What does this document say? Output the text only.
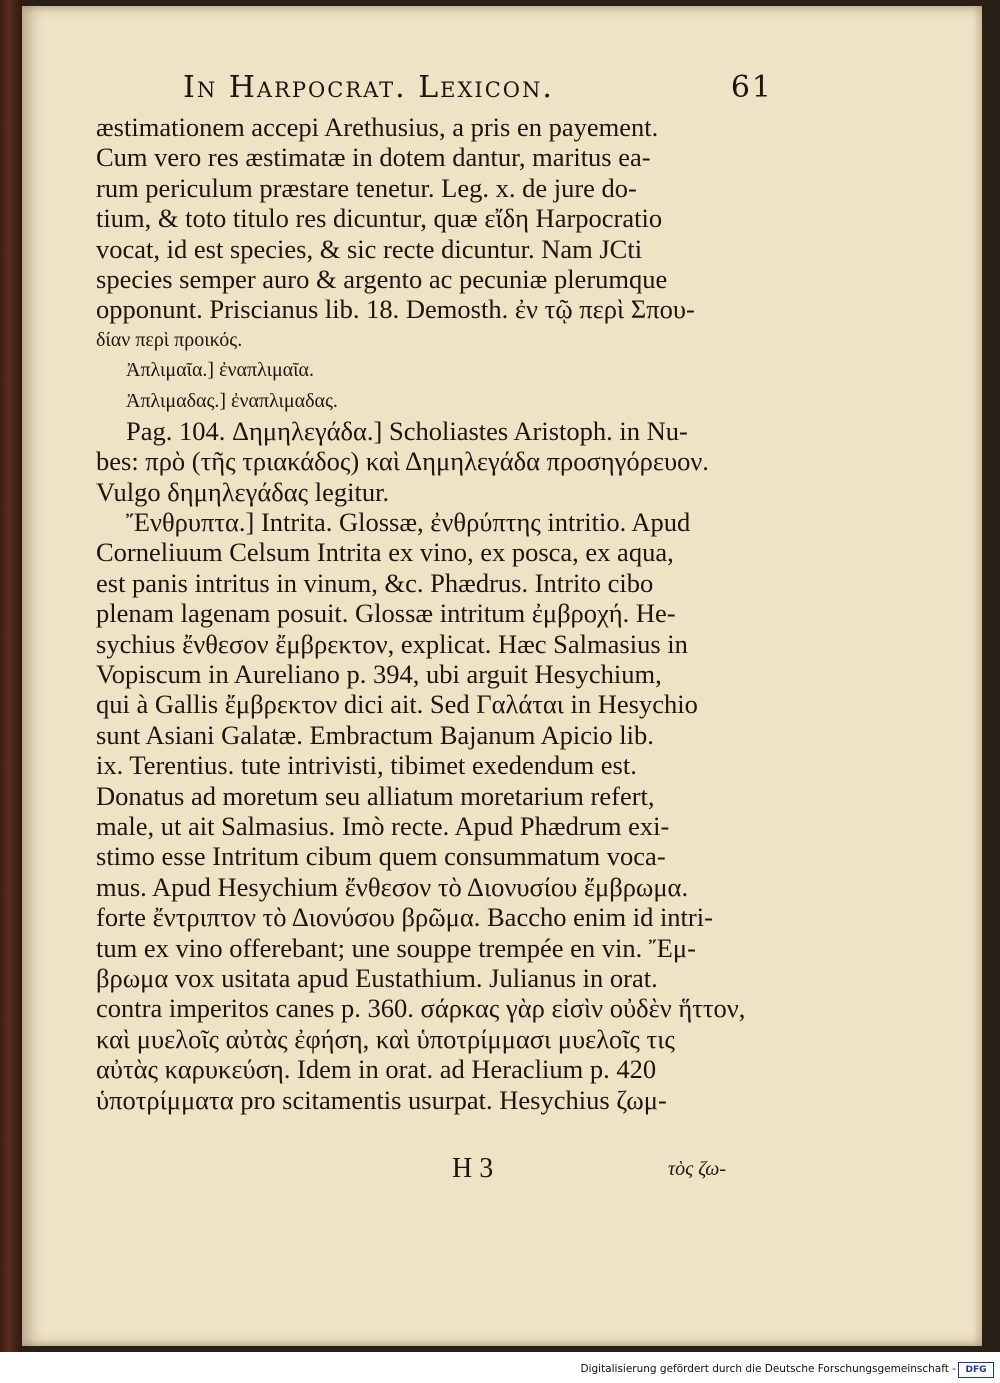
In Harpocrat. Lexicon.	61
æstimationem accepi Arethusius, a pris en payement.
Cum vero res æstimatæ in dotem dantur, maritus ea-
rum periculum præstare tenetur. Leg. x. de jure do-
tium, & toto titulo res dicuntur, quæ εἴδη Harpocratio
vocat, id est species, & sic recte dicuntur. Nam JCti
species semper auro & argento ac pecuniæ plerumque
opponunt. Priscianus lib. 18. Demosth. ἐν τῷ περὶ Σπου-
δίαν περὶ προικός.
Ἀπλιμαῖα.] ἐναπλιμαῖα.
Ἀπλιμαδας.] ἐναπλιμαδας.
Pag. 104. Δημηλεγάδα.] Scholiastes Aristoph. in Nu-
bes: πρὸ (τῆς τριακάδος) καὶ Δημηλεγάδα προσηγόρευον.
Vulgo δημηλεγάδας legitur.
Ἔνθρυπτα.] Intrita. Glossæ, ἐνθρύπτης intritio. Apud
Corneliuum Celsum Intrita ex vino, ex posca, ex aqua,
est panis intritus in vinum, &c. Phædrus. Intrito cibo
plenam lagenam posuit. Glossæ intritum ἐμβροχή. He-
sychius ἔνθεσον ἔμβρεκτον, explicat. Hæc Salmasius in
Vopiscum in Aureliano p. 394, ubi arguit Hesychium,
qui à Gallis ἔμβρεκτον dici ait. Sed Γαλάται in Hesychio
sunt Asiani Galatæ. Embractum Bajanum Apicio lib.
ix. Terentius. tute intrivisti, tibimet exedendum est.
Donatus ad moretum seu alliatum moretarium refert,
male, ut ait Salmasius. Imò recte. Apud Phædrum exi-
stimo esse Intritum cibum quem consummatum voca-
mus. Apud Hesychium ἔνθεσον τὸ Διονυσίου ἔμβρωμα.
forte ἔντριπτον τὸ Διονύσου βρῶμα. Baccho enim id intri-
tum ex vino offerebant; une souppe trempée en vin. Ἔμ-
βρωμα vox usitata apud Eustathium. Julianus in orat.
contra imperitos canes p. 360. σάρκας γὰρ εἰσὶν οὐδὲν ἥττον,
καὶ μυελοῖς αὐτὰς ἐφήση, καὶ ὑποτρίμμασι μυελοῖς τις
αὐτὰς καρυκεύση. Idem in orat. ad Heraclium p. 420
ὑποτρίμματα pro scitamentis usurpat. Hesychius ζωμ-
H 3	τὸς ζω-
Digitalisierung gefördert durch die Deutsche Forschungsgemeinschaft -	DFG
